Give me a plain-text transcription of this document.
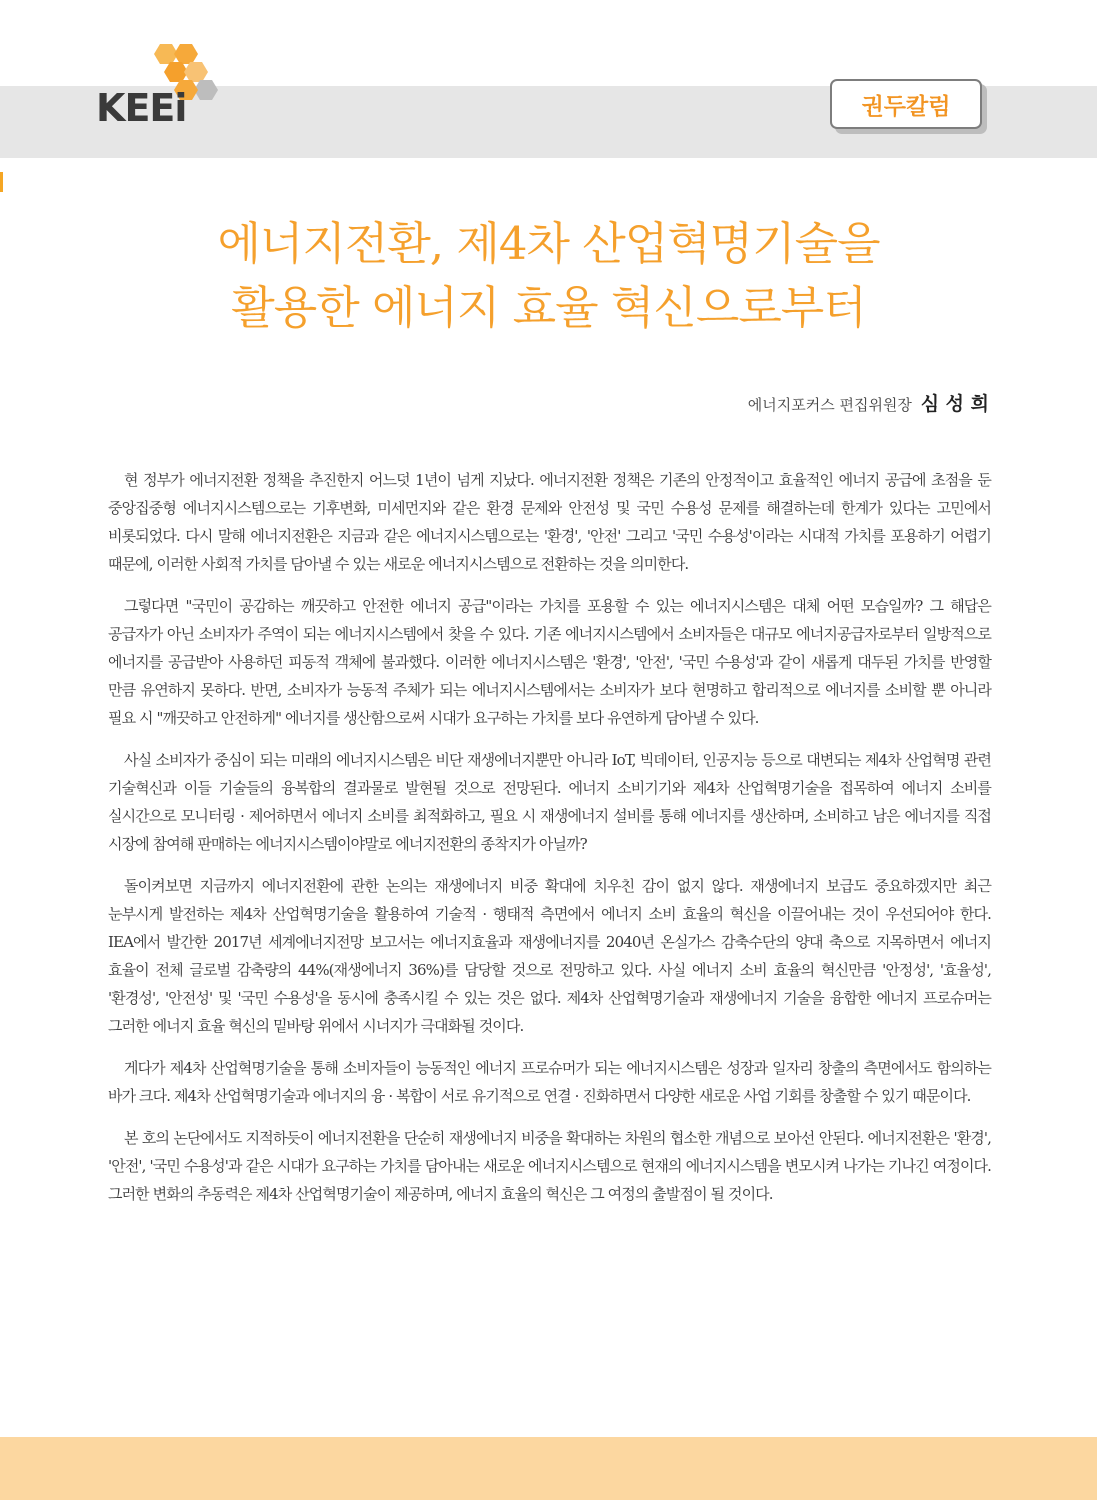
KEEi	권두칼럼
에너지전환, 제4차 산업혁명기술을
활용한 에너지 효율 혁신으로부터
에너지포커스 편집위원장 심 성 희

현 정부가 에너지전환 정책을 추진한지 어느덧 1년이 넘게 지났다. 에너지전환 정책은 기존의 안정적이고 효율적인 에너지 공급에 초점을 둔 중앙집중형 에너지시스템으로는 기후변화, 미세먼지와 같은 환경 문제와 안전성 및 국민 수용성 문제를 해결하는데 한계가 있다는 고민에서 비롯되었다. 다시 말해 에너지전환은 지금과 같은 에너지시스템으로는 '환경', '안전' 그리고 '국민 수용성'이라는 시대적 가치를 포용하기 어렵기 때문에, 이러한 사회적 가치를 담아낼 수 있는 새로운 에너지시스템으로 전환하는 것을 의미한다.

그렇다면 "국민이 공감하는 깨끗하고 안전한 에너지 공급"이라는 가치를 포용할 수 있는 에너지시스템은 대체 어떤 모습일까? 그 해답은 공급자가 아닌 소비자가 주역이 되는 에너지시스템에서 찾을 수 있다. 기존 에너지시스템에서 소비자들은 대규모 에너지공급자로부터 일방적으로 에너지를 공급받아 사용하던 피동적 객체에 불과했다. 이러한 에너지시스템은 '환경', '안전', '국민 수용성'과 같이 새롭게 대두된 가치를 반영할 만큼 유연하지 못하다. 반면, 소비자가 능동적 주체가 되는 에너지시스템에서는 소비자가 보다 현명하고 합리적으로 에너지를 소비할 뿐 아니라 필요 시 "깨끗하고 안전하게" 에너지를 생산함으로써 시대가 요구하는 가치를 보다 유연하게 담아낼 수 있다.

사실 소비자가 중심이 되는 미래의 에너지시스템은 비단 재생에너지뿐만 아니라 IoT, 빅데이터, 인공지능 등으로 대변되는 제4차 산업혁명 관련 기술혁신과 이들 기술들의 융복합의 결과물로 발현될 것으로 전망된다. 에너지 소비기기와 제4차 산업혁명기술을 접목하여 에너지 소비를 실시간으로 모니터링 · 제어하면서 에너지 소비를 최적화하고, 필요 시 재생에너지 설비를 통해 에너지를 생산하며, 소비하고 남은 에너지를 직접 시장에 참여해 판매하는 에너지시스템이야말로 에너지전환의 종착지가 아닐까?

돌이켜보면 지금까지 에너지전환에 관한 논의는 재생에너지 비중 확대에 치우친 감이 없지 않다. 재생에너지 보급도 중요하겠지만 최근 눈부시게 발전하는 제4차 산업혁명기술을 활용하여 기술적 · 행태적 측면에서 에너지 소비 효율의 혁신을 이끌어내는 것이 우선되어야 한다. IEA에서 발간한 2017년 세계에너지전망 보고서는 에너지효율과 재생에너지를 2040년 온실가스 감축수단의 양대 축으로 지목하면서 에너지 효율이 전체 글로벌 감축량의 44%(재생에너지 36%)를 담당할 것으로 전망하고 있다. 사실 에너지 소비 효율의 혁신만큼 '안정성', '효율성', '환경성', '안전성' 및 '국민 수용성'을 동시에 충족시킬 수 있는 것은 없다. 제4차 산업혁명기술과 재생에너지 기술을 융합한 에너지 프로슈머는 그러한 에너지 효율 혁신의 밑바탕 위에서 시너지가 극대화될 것이다.

게다가 제4차 산업혁명기술을 통해 소비자들이 능동적인 에너지 프로슈머가 되는 에너지시스템은 성장과 일자리 창출의 측면에서도 함의하는 바가 크다. 제4차 산업혁명기술과 에너지의 융 · 복합이 서로 유기적으로 연결 · 진화하면서 다양한 새로운 사업 기회를 창출할 수 있기 때문이다.

본 호의 논단에서도 지적하듯이 에너지전환을 단순히 재생에너지 비중을 확대하는 차원의 협소한 개념으로 보아선 안된다. 에너지전환은 '환경', '안전', '국민 수용성'과 같은 시대가 요구하는 가치를 담아내는 새로운 에너지시스템으로 현재의 에너지시스템을 변모시켜 나가는 기나긴 여정이다. 그러한 변화의 추동력은 제4차 산업혁명기술이 제공하며, 에너지 효율의 혁신은 그 여정의 출발점이 될 것이다.
